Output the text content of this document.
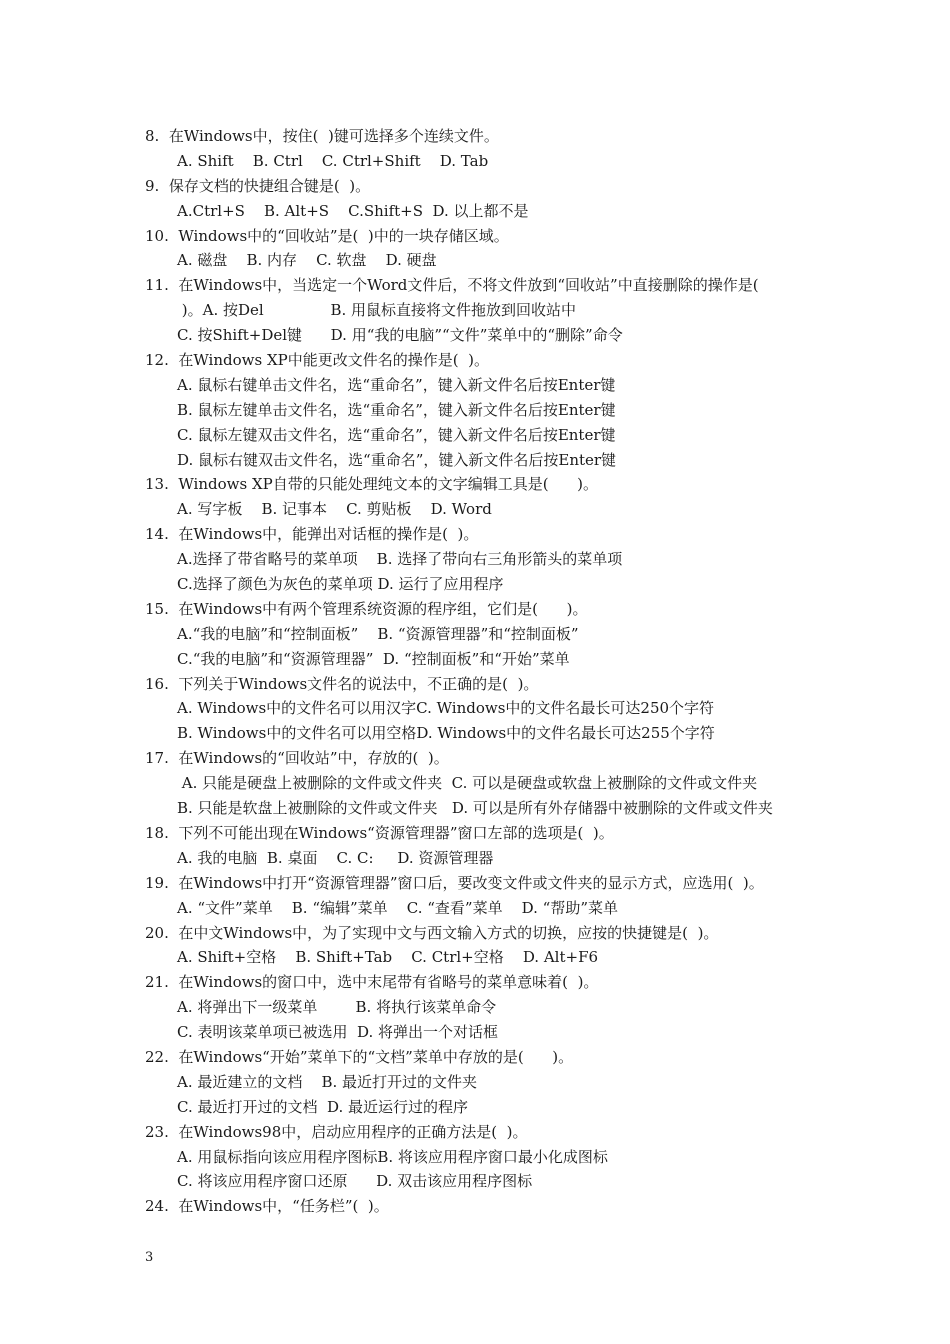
8.  在Windows中，按住(  )键可选择多个连续文件。
A. Shift    B. Ctrl    C. Ctrl+Shift    D. Tab
9.  保存文档的快捷组合键是(  )。
A.Ctrl+S    B. Alt+S    C.Shift+S  D. 以上都不是
10.  Windows中的“回收站”是(  )中的一块存储区域。
A. 磁盘    B. 内存    C. 软盘    D. 硬盘
11.  在Windows中，当选定一个Word文件后，不将文件放到“回收站”中直接删除的操作是(
)。A. 按Del              B. 用鼠标直接将文件拖放到回收站中
C. 按Shift+Del键      D. 用“我的电脑”“文件”菜单中的“删除”命令
12.  在Windows XP中能更改文件名的操作是(  )。
A. 鼠标右键单击文件名，选“重命名”，键入新文件名后按Enter键
B. 鼠标左键单击文件名，选“重命名”，键入新文件名后按Enter键
C. 鼠标左键双击文件名，选“重命名”，键入新文件名后按Enter键
D. 鼠标右键双击文件名，选“重命名”，键入新文件名后按Enter键
13.  Windows XP自带的只能处理纯文本的文字编辑工具是(      )。
A. 写字板    B. 记事本    C. 剪贴板    D. Word
14.  在Windows中，能弹出对话框的操作是(  )。
A.选择了带省略号的菜单项    B. 选择了带向右三角形箭头的菜单项
C.选择了颜色为灰色的菜单项 D. 运行了应用程序
15.  在Windows中有两个管理系统资源的程序组，它们是(      )。
A.“我的电脑”和“控制面板”    B. “资源管理器”和“控制面板”
C.“我的电脑”和“资源管理器”  D. “控制面板”和“开始”菜单
16.  下列关于Windows文件名的说法中，不正确的是(  )。
A. Windows中的文件名可以用汉字C. Windows中的文件名最长可达250个字符
B. Windows中的文件名可以用空格D. Windows中的文件名最长可达255个字符
17.  在Windows的“回收站”中，存放的(  )。
A. 只能是硬盘上被删除的文件或文件夹  C. 可以是硬盘或软盘上被删除的文件或文件夹
B. 只能是软盘上被删除的文件或文件夹   D. 可以是所有外存储器中被删除的文件或文件夹
18.  下列不可能出现在Windows“资源管理器”窗口左部的选项是(  )。
A. 我的电脑  B. 桌面    C. C:     D. 资源管理器
19.  在Windows中打开“资源管理器”窗口后，要改变文件或文件夹的显示方式，应选用(  )。
A. “文件”菜单    B. “编辑”菜单    C. “查看”菜单    D. “帮助”菜单
20.  在中文Windows中，为了实现中文与西文输入方式的切换，应按的快捷键是(  )。
A. Shift+空格    B. Shift+Tab    C. Ctrl+空格    D. Alt+F6
21.  在Windows的窗口中，选中末尾带有省略号的菜单意味着(  )。
A. 将弹出下一级菜单        B. 将执行该菜单命令
C. 表明该菜单项已被选用  D. 将弹出一个对话框
22.  在Windows“开始”菜单下的“文档”菜单中存放的是(      )。
A. 最近建立的文档    B. 最近打开过的文件夹
C. 最近打开过的文档  D. 最近运行过的程序
23.  在Windows98中，启动应用程序的正确方法是(  )。
A. 用鼠标指向该应用程序图标B. 将该应用程序窗口最小化成图标
C. 将该应用程序窗口还原      D. 双击该应用程序图标
24.  在Windows中，“任务栏”(  )。
3
